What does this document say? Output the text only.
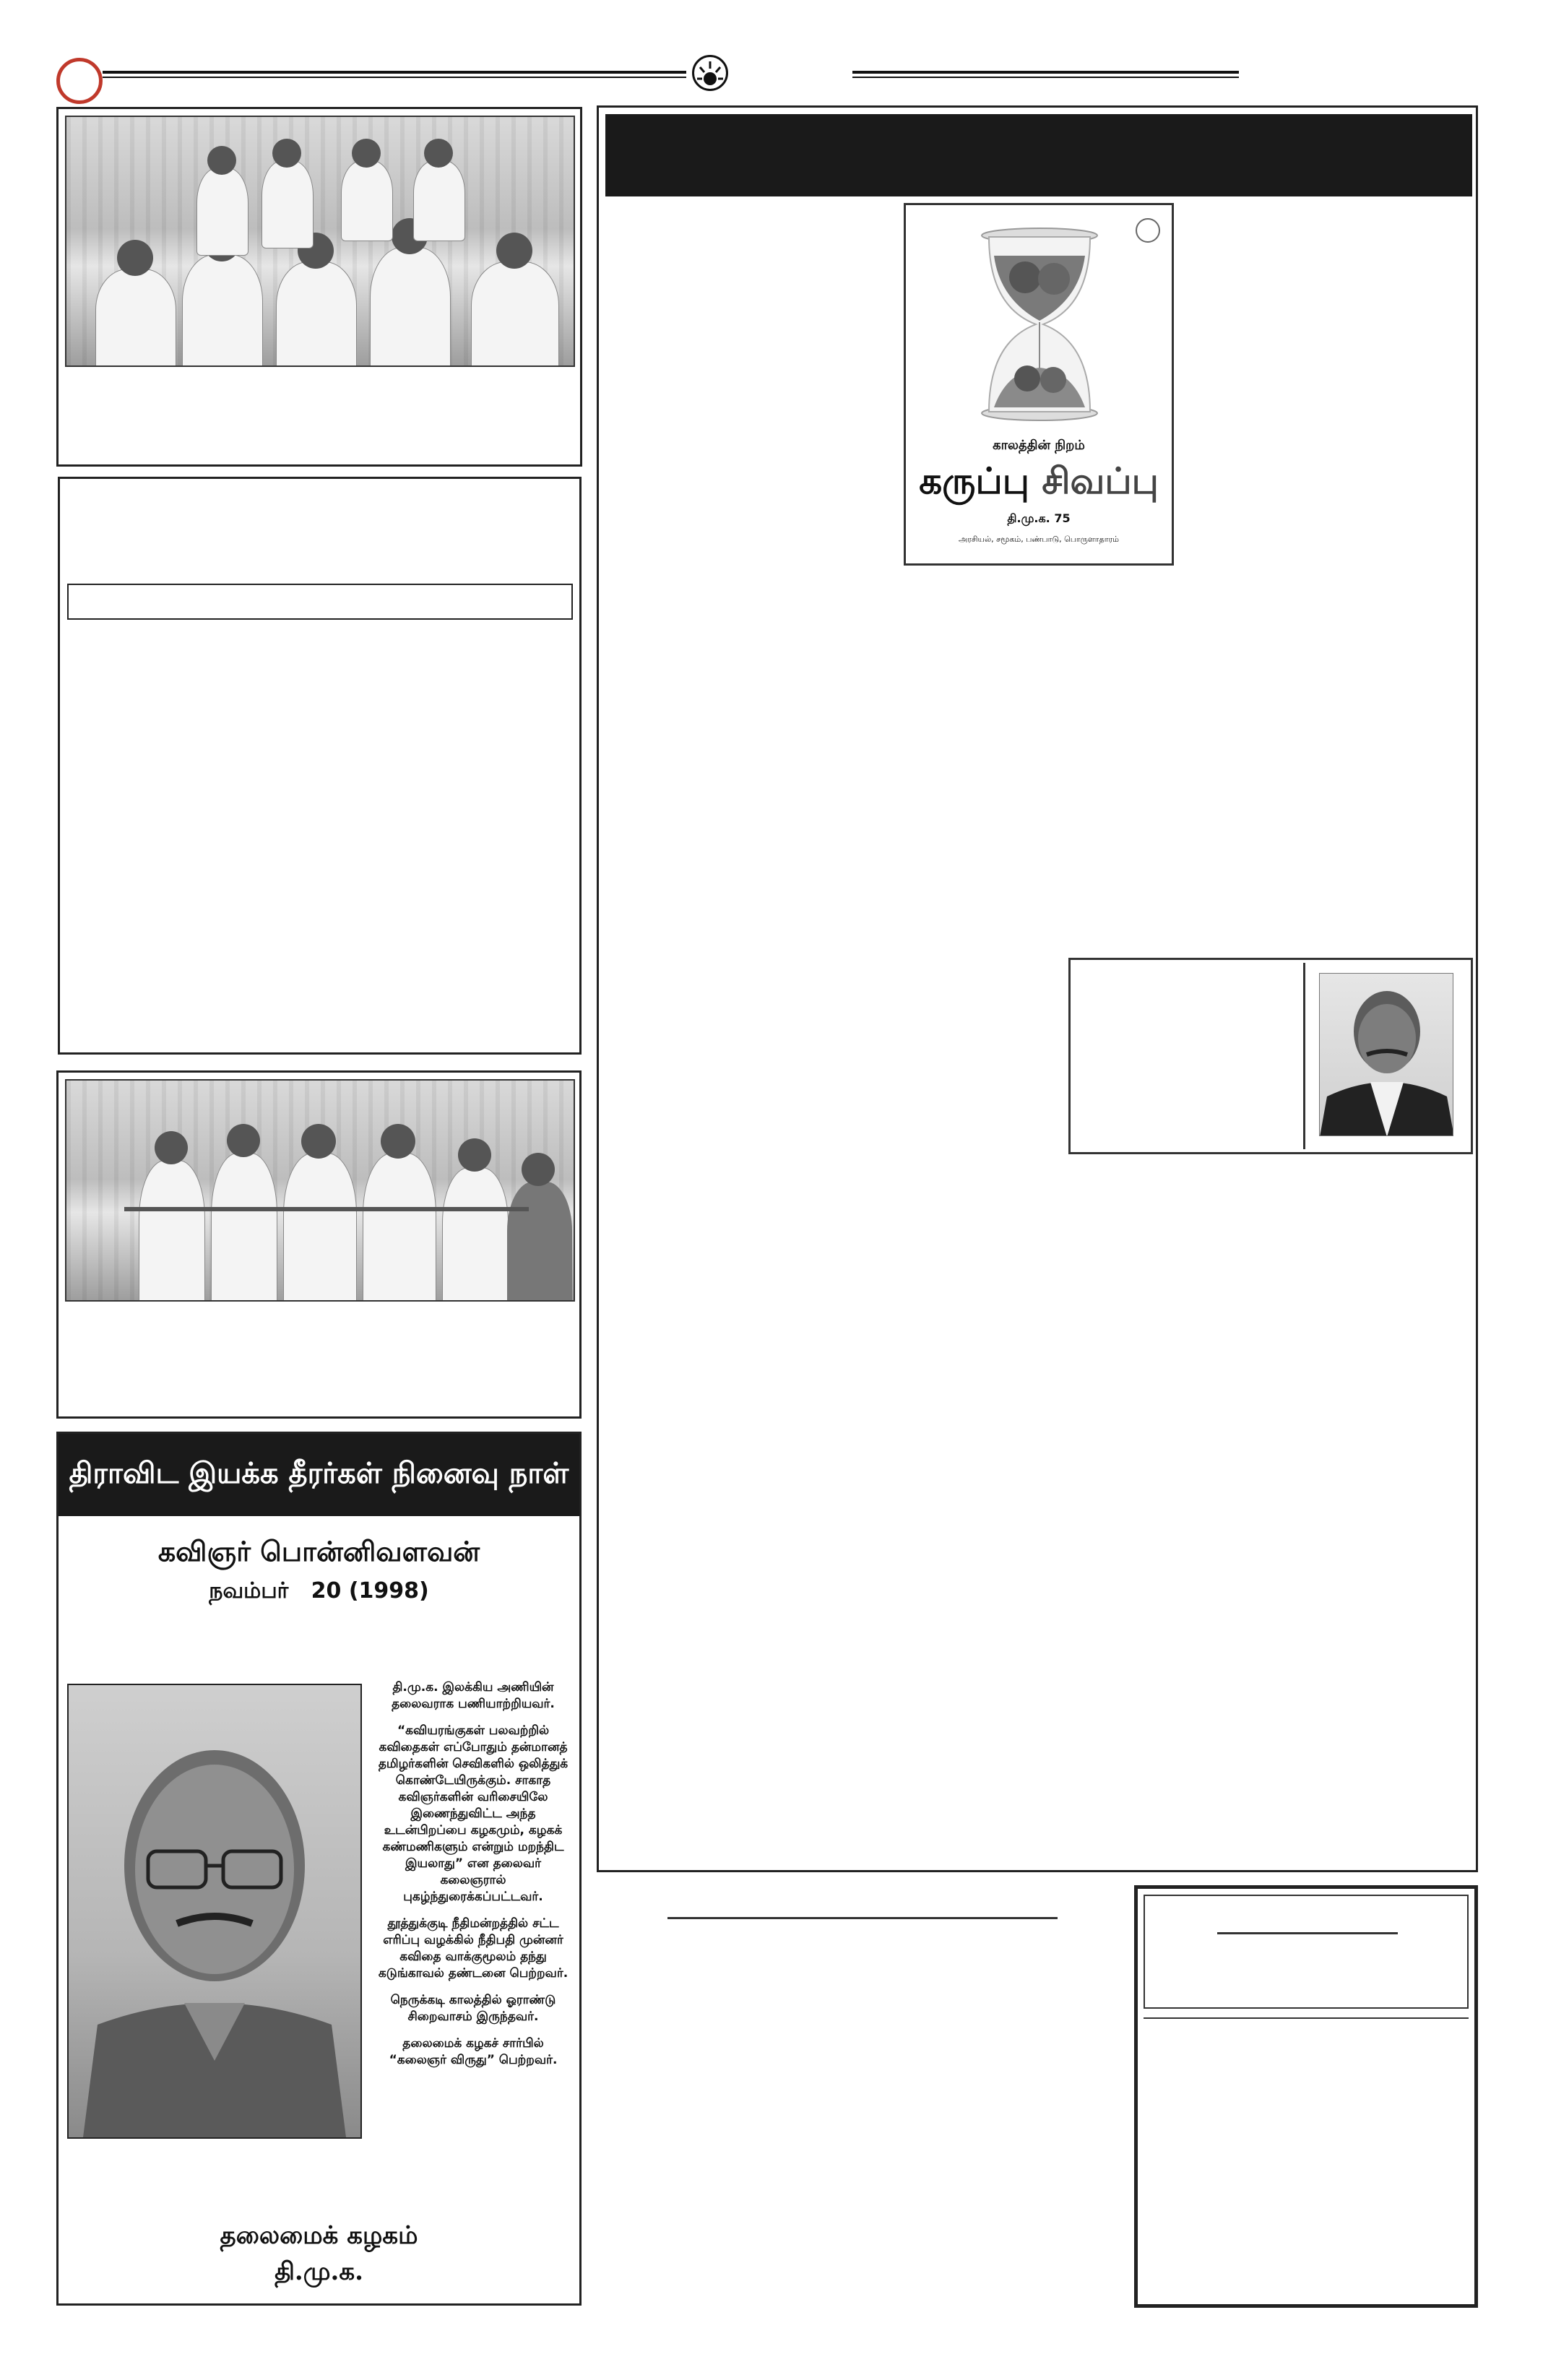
திராவிட இயக்க தீரர்கள் நினைவு நாள்
கவிஞர் பொன்னிவளவன்
நவம்பர்   20 (1998)

தி.மு.க. இலக்கிய அணியின் தலைவராக பணியாற்றியவர்.

“கவியரங்குகள் பலவற்றில் கவிதைகள் எப்போதும் தன்மானத் தமிழர்களின் செவிகளில் ஒலித்துக் கொண்டேயிருக்கும். சாகாத கவிஞர்களின் வரிசையிலே இணைந்துவிட்ட அந்த உடன்பிறப்பை கழகமும், கழகக் கண்மணிகளும் என்றும் மறந்திட இயலாது” என தலைவர் கலைஞரால் புகழ்ந்துரைக்கப்பட்டவர்.

தூத்துக்குடி நீதிமன்றத்தில் சட்ட எரிப்பு வழக்கில் நீதிபதி முன்னர் கவிதை வாக்குமூலம் தந்து கடுங்காவல் தண்டனை பெற்றவர்.

நெருக்கடி காலத்தில் ஓராண்டு சிறைவாசம் இருந்தவர்.

தலைமைக் கழகச் சார்பில் “கலைஞர் விருது” பெற்றவர்.

தலைமைக் கழகம்
தி.மு.க.
காலத்தின் நிறம்
கருப்பு சிவப்பு
தி.மு.க. 75
அரசியல், சமூகம், பண்பாடு, பொருளாதாரம்
